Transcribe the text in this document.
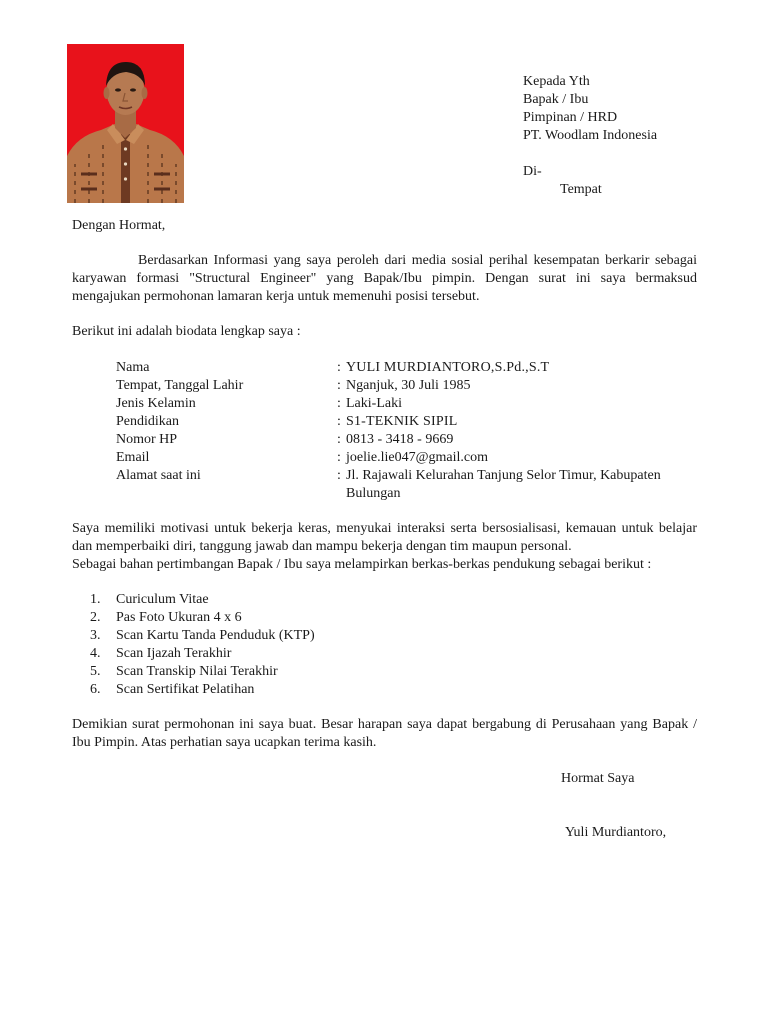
Kepada Yth
Bapak / Ibu
Pimpinan / HRD
PT. Woodlam Indonesia
Di-
Tempat
Dengan Hormat,
Berdasarkan Informasi yang saya peroleh dari media sosial perihal kesempatan berkarir sebagai karyawan formasi "Structural Engineer" yang Bapak/Ibu pimpin. Dengan surat ini saya bermaksud mengajukan permohonan lamaran kerja untuk memenuhi posisi tersebut.
Berikut ini adalah biodata lengkap saya :
Nama	: YULI MURDIANTORO,S.Pd.,S.T
Tempat, Tanggal Lahir	: Nganjuk, 30 Juli 1985
Jenis Kelamin	: Laki-Laki
Pendidikan	: S1-TEKNIK SIPIL
Nomor HP	: 0813 - 3418 - 9669
Email	: joelie.lie047@gmail.com
Alamat saat ini	: Jl. Rajawali Kelurahan Tanjung Selor Timur, Kabupaten Bulungan

Saya memiliki motivasi untuk bekerja keras, menyukai interaksi serta bersosialisasi, kemauan untuk belajar dan memperbaiki diri, tanggung jawab dan mampu bekerja dengan tim maupun personal.

Sebagai bahan pertimbangan Bapak / Ibu saya melampirkan berkas-berkas pendukung sebagai berikut :

1.	Curiculum Vitae
2.	Pas Foto Ukuran 4 x 6
3.	Scan Kartu Tanda Penduduk (KTP)
4.	Scan Ijazah Terakhir
5.	Scan Transkip Nilai Terakhir
6.	Scan Sertifikat Pelatihan
Demikian surat permohonan ini saya buat. Besar harapan saya dapat bergabung di Perusahaan yang Bapak / Ibu Pimpin. Atas perhatian saya ucapkan terima kasih.
Hormat Saya
Yuli Murdiantoro,
